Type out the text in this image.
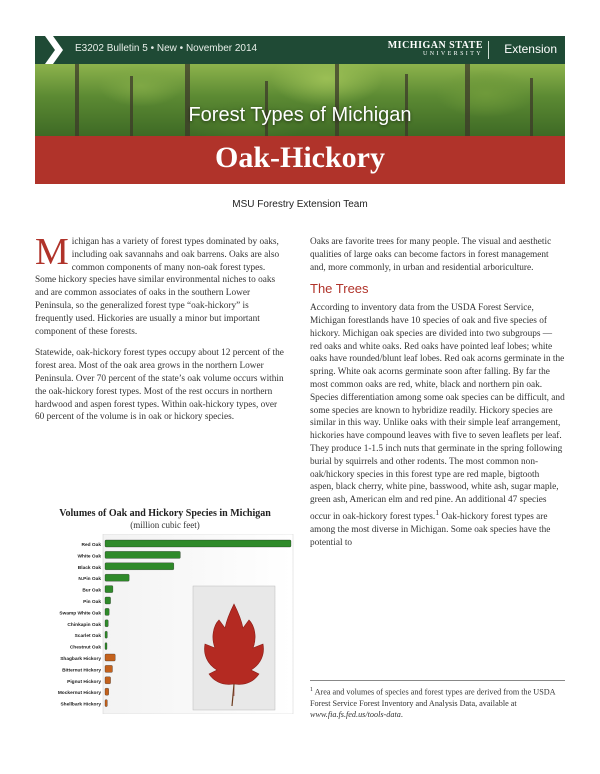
E3202 Bulletin 5 • New • November 2014	MICHIGAN STATE
UNIVERSITY Extension
Forest Types of Michigan
Oak-Hickory
MSU Forestry Extension Team

Michigan has a variety of forest types dominated by oaks, including oak savannahs and oak barrens. Oaks are also common components of many non-oak forest types. Some hickory species have similar environmental niches to oaks and are common associates of oaks in the southern Lower Peninsula, so the generalized forest type “oak-hickory” is frequently used. Hickories are usually a minor but important component of these forests.

Statewide, oak-hickory forest types occupy about 12 percent of the forest area. Most of the oak area grows in the northern Lower Peninsula. Over 70 percent of the state’s oak volume occurs within the oak-hickory forest types. Most of the rest occurs in northern hardwood and aspen forest types. Within oak-hickory types, over 60 percent of the volume is in oak or hickory species.

Oaks are favorite trees for many people. The visual and aesthetic qualities of large oaks can become factors in forest management and, more commonly, in urban and residential arboriculture.

The Trees

According to inventory data from the USDA Forest Service, Michigan forestlands have 10 species of oak and five species of hickory. Michigan oak species are divided into two subgroups — red oaks and white oaks. Red oaks have pointed leaf lobes; white oaks have rounded/blunt leaf lobes. Red oak acorns germinate in the spring. White oak acorns germinate soon after falling. By far the most common oaks are red, white, black and northern pin oak. Species differentiation among some oak species can be difficult, and some species are known to hybridize readily. Hickory species are similar in this way. Unlike oaks with their simple leaf arrangement, hickories have compound leaves with five to seven leaflets per leaf. They produce 1-1.5 inch nuts that germinate in the spring following burial by squirrels and other rodents. The most common non-oak/hickory species in this forest type are red maple, bigtooth aspen, black cherry, white pine, basswood, white ash, sugar maple, green ash, American elm and red pine. An additional 47 species occur in oak-hickory forest types.$^1$ Oak-hickory forest types are among the most diverse in Michigan. Some oak species have the potential to

$^1$ Area and volumes of species and forest types are derived from the USDA Forest Service Forest Inventory and Analysis Data, available at www.fia.fs.fed.us/tools-data.
Volumes of Oak and Hickory Species in Michigan
(million cubic feet)
Red Oak
White Oak
Black Oak
N.Pin Oak
Bur Oak
Pin Oak
Swamp White Oak
Chinkapin Oak
Scarlet Oak
Chestnut Oak
Shagbark Hickory
Bitternut Hickory
Pignut Hickory
Mockernut Hickory
Shellbark Hickory
